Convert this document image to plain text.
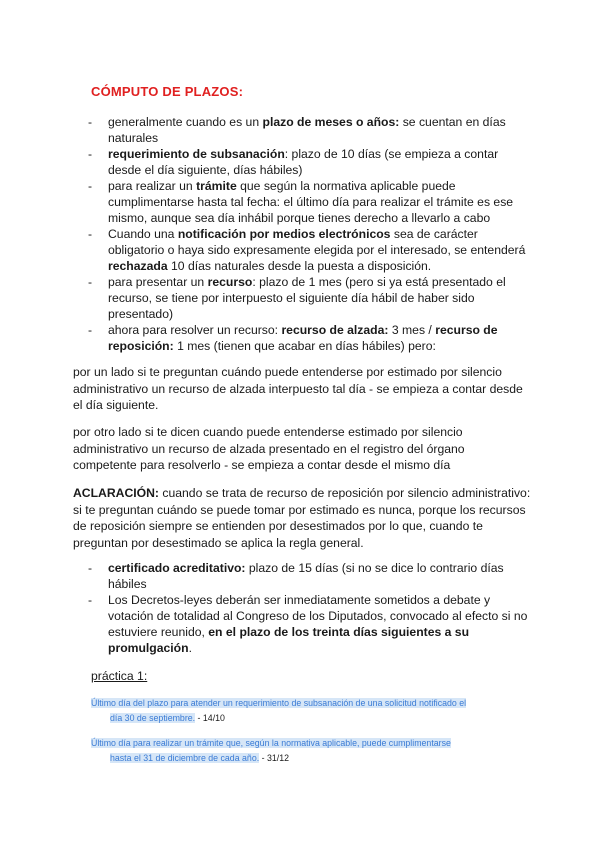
CÓMPUTO DE PLAZOS:
- generalmente cuando es un plazo de meses o años: se cuentan en días
naturales
- requerimiento de subsanación: plazo de 10 días (se empieza a contar
desde el día siguiente, días hábiles)
- para realizar un trámite que según la normativa aplicable puede
cumplimentarse hasta tal fecha: el último día para realizar el trámite es ese
mismo, aunque sea día inhábil porque tienes derecho a llevarlo a cabo
- Cuando una notificación por medios electrónicos sea de carácter
obligatorio o haya sido expresamente elegida por el interesado, se entenderá
rechazada 10 días naturales desde la puesta a disposición.
- para presentar un recurso: plazo de 1 mes (pero si ya está presentado el
recurso, se tiene por interpuesto el siguiente día hábil de haber sido
presentado)
- ahora para resolver un recurso: recurso de alzada: 3 mes / recurso de
reposición: 1 mes (tienen que acabar en días hábiles) pero:
por un lado si te preguntan cuándo puede entenderse por estimado por silencio
administrativo un recurso de alzada interpuesto tal día - se empieza a contar desde
el día siguiente.
por otro lado si te dicen cuando puede entenderse estimado por silencio
administrativo un recurso de alzada presentado en el registro del órgano
competente para resolverlo - se empieza a contar desde el mismo día
ACLARACIÓN: cuando se trata de recurso de reposición por silencio administrativo:
si te preguntan cuándo se puede tomar por estimado es nunca, porque los recursos
de reposición siempre se entienden por desestimados por lo que, cuando te
preguntan por desestimado se aplica la regla general.
- certificado acreditativo: plazo de 15 días (si no se dice lo contrario días
hábiles
- Los Decretos-leyes deberán ser inmediatamente sometidos a debate y
votación de totalidad al Congreso de los Diputados, convocado al efecto si no
estuviere reunido, en el plazo de los treinta días siguientes a su
promulgación.
práctica 1:
Último día del plazo para atender un requerimiento de subsanación de una solicitud notificado el
día 30 de septiembre. - 14/10
Último día para realizar un trámite que, según la normativa aplicable, puede cumplimentarse
hasta el 31 de diciembre de cada año. - 31/12
